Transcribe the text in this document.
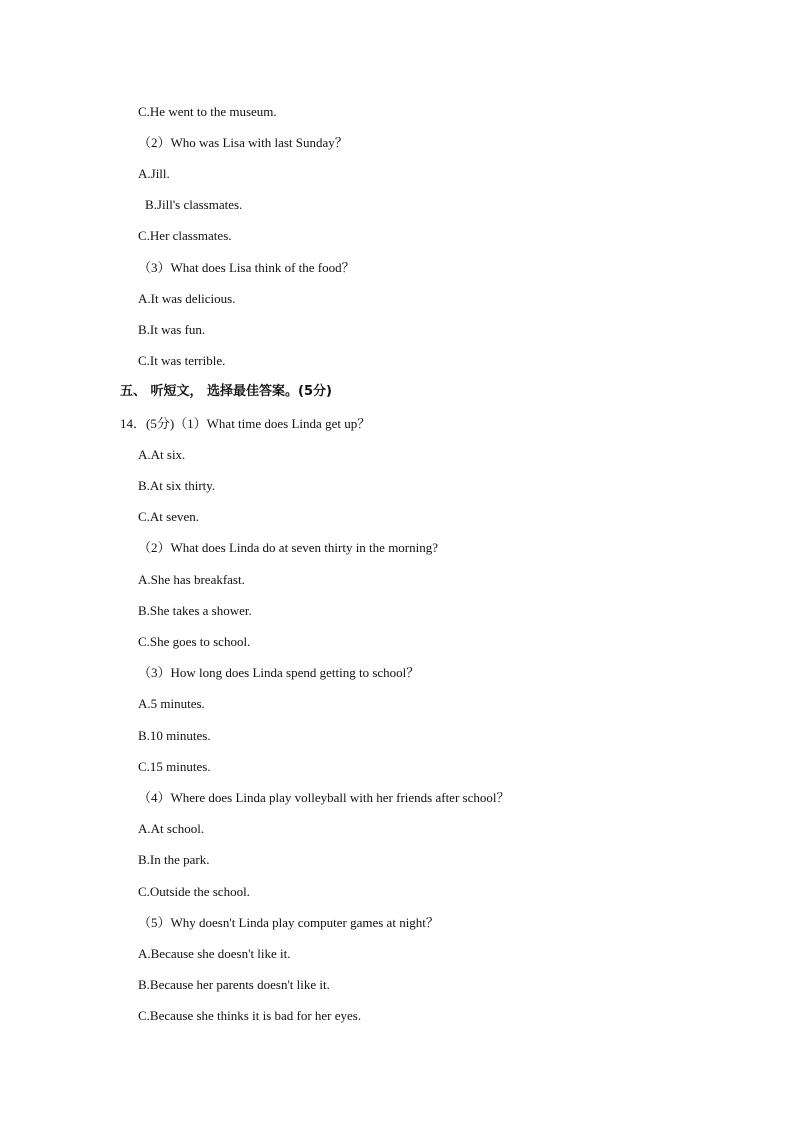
C.He went to the museum.
（2）Who was Lisa with last Sunday？
A.Jill.
B.Jill's classmates.
C.Her classmates.
（3）What does Lisa think of the food？
A.It was delicious.
B.It was fun.
C.It was terrible.
五、 听短文， 选择最佳答案。(5分)
14．(5分)（1）What time does Linda get up？
A.At six.
B.At six thirty.
C.At seven.
（2）What does Linda do at seven thirty in the morning?
A.She has breakfast.
B.She takes a shower.
C.She goes to school.
（3）How long does Linda spend getting to school？
A.5 minutes.
B.10 minutes.
C.15 minutes.
（4）Where does Linda play volleyball with her friends after school？
A.At school.
B.In the park.
C.Outside the school.
（5）Why doesn't Linda play computer games at night？
A.Because she doesn't like it.
B.Because her parents doesn't like it.
C.Because she thinks it is bad for her eyes.
